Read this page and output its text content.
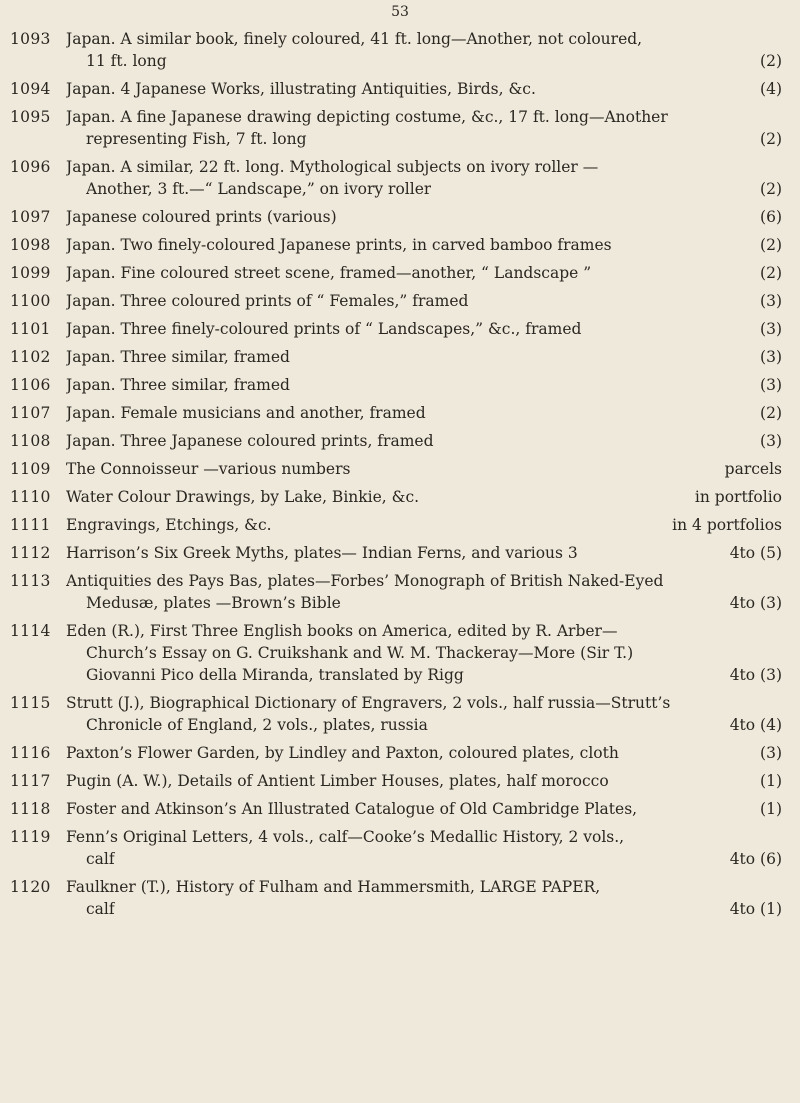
53
1093 Japan. A similar book, finely coloured, 41 ft. long—Another, not coloured,
11 ft. long	(2)
1094 Japan. 4 Japanese Works, illustrating Antiquities, Birds, &c.	(4)
1095 Japan. A fine Japanese drawing depicting costume, &c., 17 ft. long—Another
representing Fish, 7 ft. long	(2)
1096 Japan. A similar, 22 ft. long. Mythological subjects on ivory roller —
Another, 3 ft.—“ Landscape,” on ivory roller	(2)
1097 Japanese coloured prints (various)	(6)
1098 Japan. Two finely-coloured Japanese prints, in carved bamboo frames	(2)
1099 Japan. Fine coloured street scene, framed—another, “ Landscape ”	(2)
1100 Japan. Three coloured prints of “ Females,” framed	(3)
1101 Japan. Three finely-coloured prints of “ Landscapes,” &c., framed	(3)
1102 Japan. Three similar, framed	(3)
1106 Japan. Three similar, framed	(3)
1107 Japan. Female musicians and another, framed	(2)
1108 Japan. Three Japanese coloured prints, framed	(3)
1109 The Connoisseur —various numbers	parcels
1110 Water Colour Drawings, by Lake, Binkie, &c.	in portfolio
1111 Engravings, Etchings, &c.	in 4 portfolios
1112 Harrison’s Six Greek Myths, plates— Indian Ferns, and various 3	4to (5)
1113 Antiquities des Pays Bas, plates—Forbes’ Monograph of British Naked-Eyed
Medusæ, plates —Brown’s Bible	4to (3)
1114 Eden (R.), First Three English books on America, edited by R. Arber—
Church’s Essay on G. Cruikshank and W. M. Thackeray—More (Sir T.)
Giovanni Pico della Miranda, translated by Rigg	4to (3)
1115 Strutt (J.), Biographical Dictionary of Engravers, 2 vols., half russia—Strutt’s
Chronicle of England, 2 vols., plates, russia	4to (4)
1116 Paxton’s Flower Garden, by Lindley and Paxton, coloured plates, cloth	(3)
1117 Pugin (A. W.), Details of Antient Limber Houses, plates, half morocco	(1)
1118 Foster and Atkinson’s An Illustrated Catalogue of Old Cambridge Plates,	(1)
1119 Fenn’s Original Letters, 4 vols., calf—Cooke’s Medallic History, 2 vols.,
calf	4to (6)
1120 Faulkner (T.), History of Fulham and Hammersmith, LARGE PAPER,
calf	4to (1)
